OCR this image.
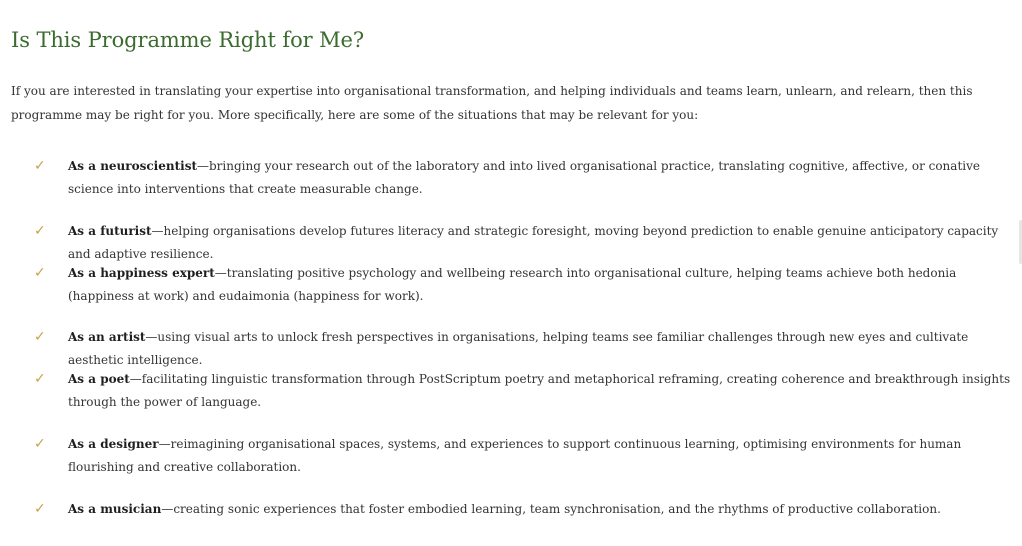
Is This Programme Right for Me?

If you are interested in translating your expertise into organisational transformation, and helping individuals and teams learn, unlearn, and relearn, then this programme may be right for you. More specifically, here are some of the situations that may be relevant for you:

✓ As a neuroscientist—bringing your research out of the laboratory and into lived organisational practice, translating cognitive, affective, or conative science into interventions that create measurable change.

✓ As a futurist—helping organisations develop futures literacy and strategic foresight, moving beyond prediction to enable genuine anticipatory capacity and adaptive resilience.

✓ As a happiness expert—translating positive psychology and wellbeing research into organisational culture, helping teams achieve both hedonia (happiness at work) and eudaimonia (happiness for work).

✓ As an artist—using visual arts to unlock fresh perspectives in organisations, helping teams see familiar challenges through new eyes and cultivate aesthetic intelligence.

✓ As a poet—facilitating linguistic transformation through PostScriptum poetry and metaphorical reframing, creating coherence and breakthrough insights through the power of language.

✓ As a designer—reimagining organisational spaces, systems, and experiences to support continuous learning, optimising environments for human flourishing and creative collaboration.

✓ As a musician—creating sonic experiences that foster embodied learning, team synchronisation, and the rhythms of productive collaboration.
